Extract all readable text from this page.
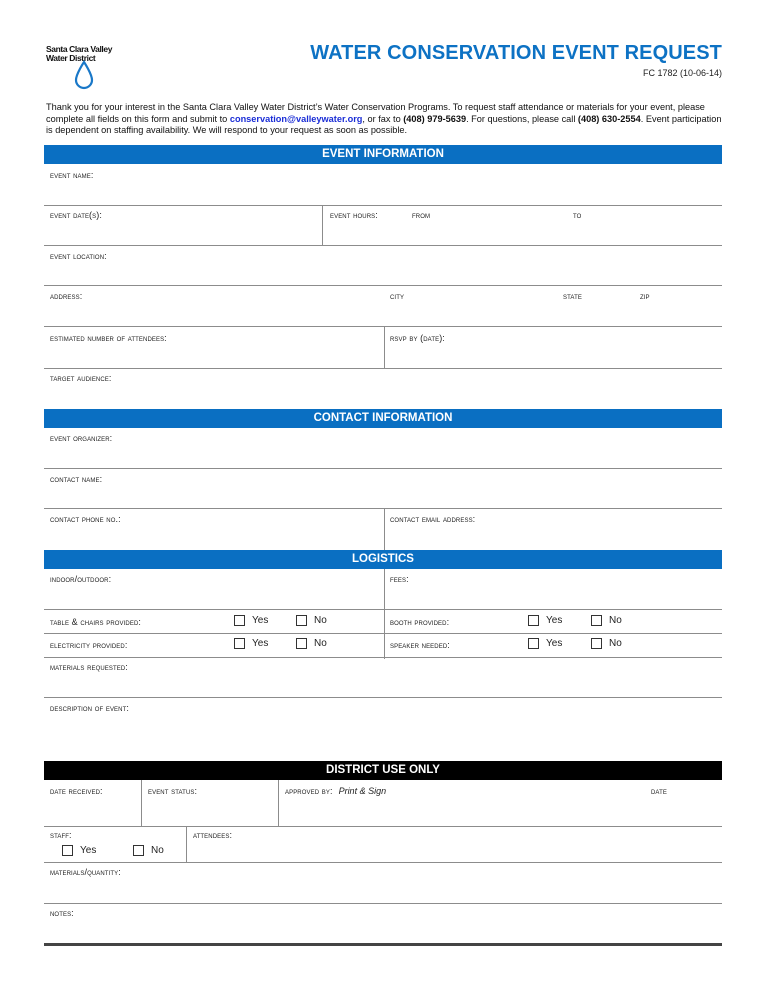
Santa Clara Valley
Water District	WATER CONSERVATION EVENT REQUEST
FC 1782 (10-06-14)
Thank you for your interest in the Santa Clara Valley Water District’s Water Conservation Programs. To request staff attendance or materials for your event, please complete all fields on this form and submit to conservation@valleywater.org, or fax to (408) 979-5639. For questions, please call (408) 630-2554. Event participation is dependent on staffing availability. We will respond to your request as soon as possible.
EVENT INFORMATION
event name:
event date(s):	event hours:	from	to
event location:
address:	city	state	zip
estimated number of attendees:	rsvp by (date):
target audience:
CONTACT INFORMATION
event organizer:
contact name:
contact phone no.:	contact email address:
LOGISTICS
indoor/outdoor:	fees:
table & chairs provided:	Yes	No	booth provided:	Yes	No
electricity provided:	Yes	No	speaker needed:	Yes	No
materials requested:
description of event:
DISTRICT USE ONLY
date received:	event status:	approved by: Print & Sign	date
staff:
Yes	No
attendees:
materials/quantity:
notes:
